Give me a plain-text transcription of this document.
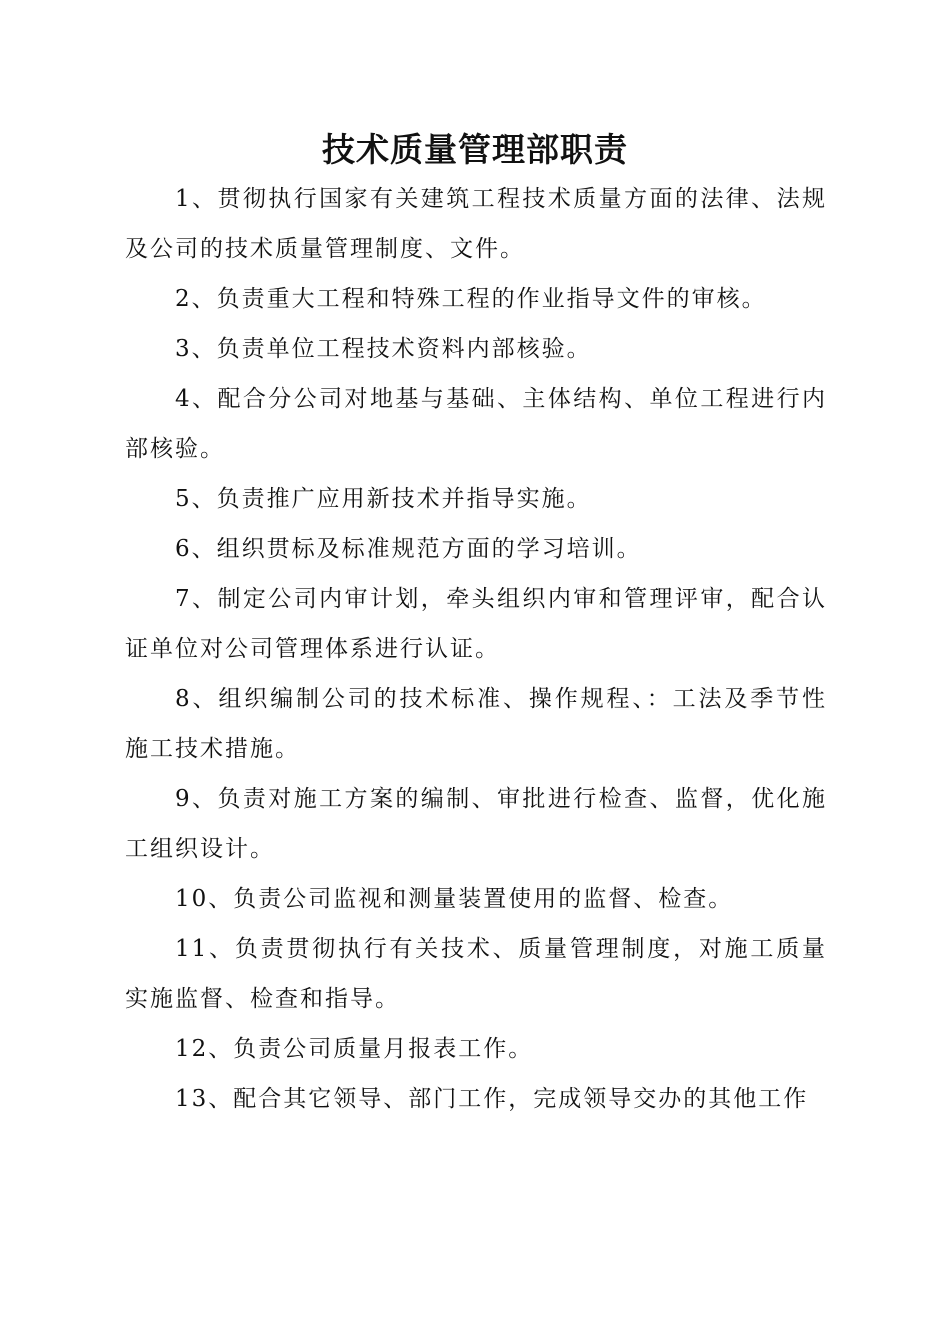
技术质量管理部职责

1、贯彻执行国家有关建筑工程技术质量方面的法律、法规及公司的技术质量管理制度、文件。

2、负责重大工程和特殊工程的作业指导文件的审核。

3、负责单位工程技术资料内部核验。

4、配合分公司对地基与基础、主体结构、单位工程进行内部核验。

5、负责推广应用新技术并指导实施。

6、组织贯标及标准规范方面的学习培训。

7、制定公司内审计划，牵头组织内审和管理评审，配合认证单位对公司管理体系进行认证。

8、组织编制公司的技术标准、操作规程、：工法及季节性施工技术措施。

9、负责对施工方案的编制、审批进行检查、监督，优化施工组织设计。

10、负责公司监视和测量装置使用的监督、检查。

11、负责贯彻执行有关技术、质量管理制度，对施工质量实施监督、检查和指导。

12、负责公司质量月报表工作。

13、配合其它领导、部门工作，完成领导交办的其他工作
